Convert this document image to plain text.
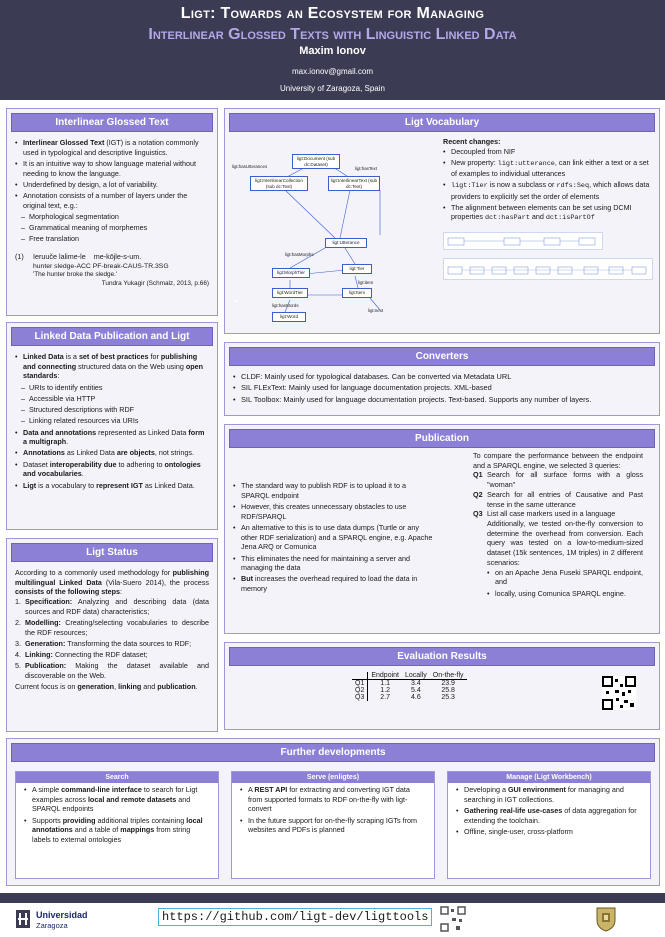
Ligt: Towards an Ecosystem for Managing
Interlinear Glossed Texts with Linguistic Linked Data
Maxim Ionov
max.ionov@gmail.com
University of Zaragoza, Spain
Interlinear Glossed Text
• Interlinear Glossed Text (IGT) is a notation commonly used in typological and descriptive linguistics.
• It is an intuitive way to show language material without needing to know the language.
• Underdefined by design, a lot of variability.
• Annotation consists of a number of layers under the original text, e.g.:
– Morphological segmentation
– Grammatical meaning of morphemes
– Free translation
(1) Ieruuče lalime-le me-kōjle-s-um.
hunter sledge-ACC PF-break-CAUS-TR.3SG
'The hunter broke the sledge.'
Tundra Yukagir (Schmalz, 2013, p.66)
Linked Data Publication and Ligt
• Linked Data is a set of best practices for publishing and connecting structured data on the Web using open standards:
– URIs to identify entities
– Accessible via HTTP
– Structured descriptions with RDF
– Linking related resources via URIs
• Data and annotations represented as Linked Data form a multigraph.
• Annotations as Linked Data are objects, not strings.
• Dataset interoperability due to adhering to ontologies and vocabularies.
• Ligt is a vocabulary to represent IGT as Linked Data.
Ligt Status
According to a commonly used methodology for publishing multilingual Linked Data (Vila-Suero 2014), the process consists of the following steps:
1. Specification: Analyzing and describing data (data sources and RDF data) characteristics;
2. Modelling: Creating/selecting vocabularies to describe the RDF resources;
3. Generation: Transforming the data sources to RDF;
4. Linking: Connecting the RDF dataset;
5. Publication: Making the dataset available and discoverable on the Web.
Current focus is on generation, linking and publication.
Ligt Vocabulary
Recent changes:
• Decoupled from NIF
• New property: ligt:utterance, can link either a text or a set of examples to individual utterances
• ligt:Tier is now a subclass or rdfs:Seq, which allows data providers to explicitly set the order of elements
• The alignment between elements can be set using DCMI properties dct:hasPart and dct:isPartOf
ligt:Document (sub dc:Dataset)
ligt:InterlinearCollection (sub dc:Text)
ligt:InterlinearText (sub dc:Text)
ligt:Utterance
ligt:MorphTier
ligt:Tier
ligt:WordTier	ligt:Item
ligt:Word
ligt:hasUtterances	ligt:hasText
ligt:hasMorphs
ligt:hasWords
ligt:item
ligt:next
Converters
• CLDF: Mainly used for typological databases. Can be converted via Metadata URL
• SIL FLExText: Mainly used for language documentation projects. XML-based
• SIL Toolbox: Mainly used for language documentation projects. Text-based. Supports any number of layers.
Publication
• The standard way to publish RDF is to upload it to a SPARQL endpoint
• However, this creates unnecessary obstacles to use RDF/SPARQL
• An alternative to this is to use data dumps (Turtle or any other RDF serialization) and a SPARQL engine, e.g. Apache Jena ARQ or Comunica
• This eliminates the need for maintaining a server and managing the data
• But increases the overhead required to load the data in memory
To compare the performance between the endpoint and a SPARQL engine, we selected 3 queries:
Q1 Search for all surface forms with a gloss "woman"
Q2 Search for all entries of Causative and Past tense in the same utterance
Q3 List all case markers used in a language
Additionally, we tested on-the-fly conversion to determine the overhead from conversion. Each query was tested on a low-to-medium-sized dataset (15k sentences, 1M triples) in 2 different scenarios:
• on an Apache Jena Fuseki SPARQL endpoint, and
• locally, using Comunica SPARQL engine.
Evaluation Results
	Endpoint	Locally	On-the-fly
Q1	1.1	3.4	23.9
Q2	1.2	5.4	25.8
Q3	2.7	4.6	25.3
Further developments
Search
• A simple command-line interface to search for Ligt examples across local and remote datasets and SPARQL endpoints
• Supports providing additional triples containing local annotations and a table of mappings from string labels to external ontologies
Serve (enligtes)
• A REST API for extracting and converting IGT data from supported formats to RDF on-the-fly with ligt-convert
• In the future support for on-the-fly scraping IGTs from websites and PDFs is planned
Manage (Ligt Workbench)
• Developing a GUI environment for managing and searching in IGT collections.
• Gathering real-life use-cases of data aggregation for extending the toolchain.
• Offline, single-user, cross-platform
Universidad
Zaragoza
https://github.com/ligt-dev/ligttools
